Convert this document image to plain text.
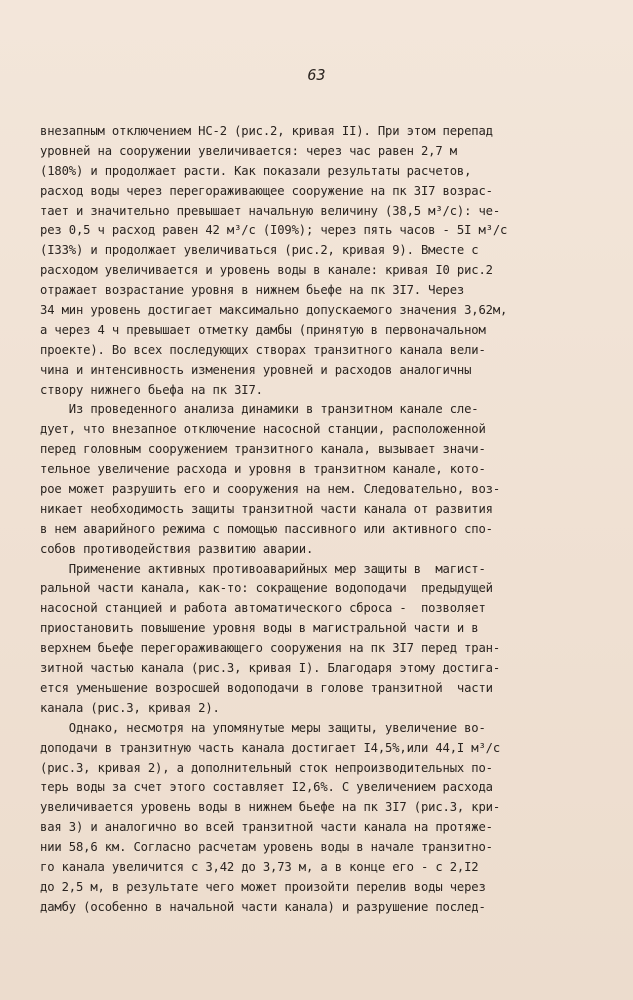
63
внезапным отключением НС-2 (рис.2, кривая II). При этом перепад
уровней на сооружении увеличивается: через час равен 2,7 м
(180%) и продолжает расти. Как показали результаты расчетов,
расход воды через перегораживающее сооружение на пк 3I7 возрас-
тает и значительно превышает начальную величину (38,5 м³/с): че-
рез 0,5 ч расход равен 42 м³/с (I09%); через пять часов - 5I м³/с
(I33%) и продолжает увеличиваться (рис.2, кривая 9). Вместе с
расходом увеличивается и уровень воды в канале: кривая I0 рис.2
отражает возрастание уровня в нижнем бьефе на пк 3I7. Через
34 мин уровень достигает максимально допускаемого значения 3,62м,
а через 4 ч превышает отметку дамбы (принятую в первоначальном
проекте). Во всех последующих створах транзитного канала вели-
чина и интенсивность изменения уровней и расходов аналогичны
створу нижнего бьефа на пк 3I7.
Из проведенного анализа динамики в транзитном канале сле-
дует, что внезапное отключение насосной станции, расположенной
перед головным сооружением транзитного канала, вызывает значи-
тельное увеличение расхода и уровня в транзитном канале, кото-
рое может разрушить его и сооружения на нем. Следовательно, воз-
никает необходимость защиты транзитной части канала от развития
в нем аварийного режима с помощью пассивного или активного спо-
собов противодействия развитию аварии.
Применение активных противоаварийных мер защиты в  магист-
ральной части канала, как-то: сокращение водоподачи  предыдущей
насосной станцией и работа автоматического сброса -  позволяет
приостановить повышение уровня воды в магистральной части и в
верхнем бьефе перегораживающего сооружения на пк 3I7 перед тран-
зитной частью канала (рис.3, кривая I). Благодаря этому достига-
ется уменьшение возросшей водоподачи в голове транзитной  части
канала (рис.3, кривая 2).
Однако, несмотря на упомянутые меры защиты, увеличение во-
доподачи в транзитную часть канала достигает I4,5%,или 44,I м³/с
(рис.3, кривая 2), а дополнительный сток непроизводительных по-
терь воды за счет этого составляет I2,6%. С увеличением расхода
увеличивается уровень воды в нижнем бьефе на пк 3I7 (рис.3, кри-
вая 3) и аналогично во всей транзитной части канала на протяже-
нии 58,6 км. Согласно расчетам уровень воды в начале транзитно-
го канала увеличится с 3,42 до 3,73 м, а в конце его - с 2,I2
до 2,5 м, в результате чего может произойти перелив воды через
дамбу (особенно в начальной части канала) и разрушение послед-
